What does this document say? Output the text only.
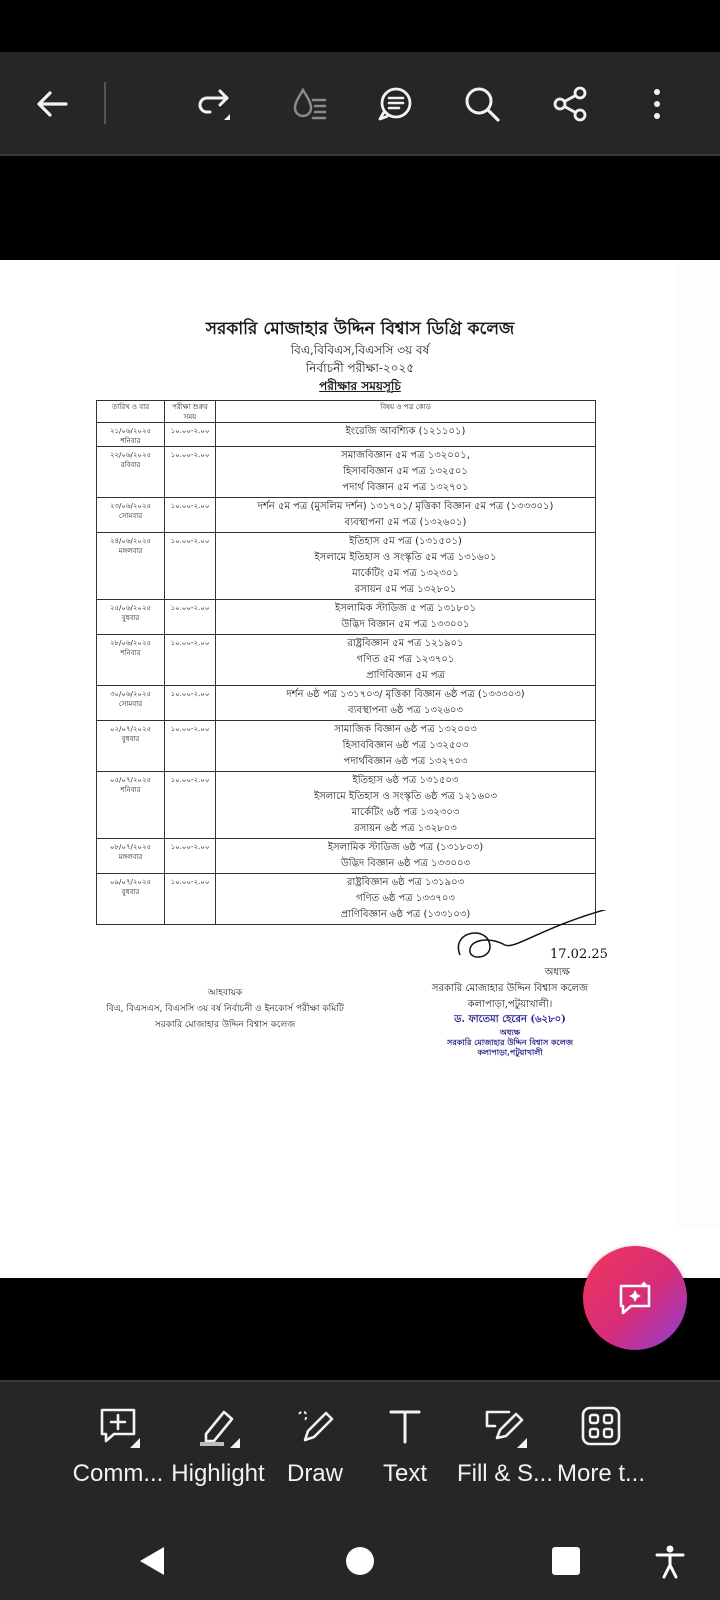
সরকারি মোজাহার উদ্দিন বিশ্বাস ডিগ্রি কলেজ
বিএ,বিবিএস,বিএসসি ৩য় বর্ষ
নির্বাচনী পরীক্ষা-২০২৫
পরীক্ষার সময়সূচি
তারিখ ও বার	পরীক্ষা শুরুর সময়	বিষয় ও পত্র কোড

২১/০৬/২০২৫
শনিবার	১০.০০-২.০০	ইংরেজি আবশ্যিক (১২১১০১)

২২/০৬/২০২৫
রবিবার	১০.০০-২.০০	সমাজবিজ্ঞান ৫ম পত্র ১৩২০০১,
হিসাববিজ্ঞান ৫ম পত্র ১৩২৫০১
পদার্থ বিজ্ঞান ৫ম পত্র ১৩২৭০১

২৩/০৬/২০২৫
সোমবার	১০.০০-২.০০	দর্শন ৫ম পত্র (মুসলিম দর্শন) ১৩১৭০১/ মৃত্তিকা বিজ্ঞান ৫ম পত্র (১৩৩৩০১)
ব্যবস্থাপনা ৫ম পত্র (১৩২৬০১)

২৪/০৬/২০২৫
মঙ্গলবার	১০.০০-২.০০	ইতিহাস ৫ম পত্র (১৩১৫০১)
ইসলামে ইতিহাস ও সংস্কৃতি ৫ম পত্র ১৩১৬০১
মার্কেটিং ৫ম পত্র ১৩২৩০১
রসায়ন ৫ম পত্র ১৩২৮০১

২৫/০৬/২০২৫
বুধবার	১০.০০-২.০০	ইসলামিক স্টাডিজ ৫ পত্র ১৩১৮০১
উদ্ভিদ বিজ্ঞান ৫ম পত্র ১৩৩০০১

২৮/০৬/২০২৫
শনিবার	১০.০০-২.০০	রাষ্ট্রবিজ্ঞান ৫ম পত্র ১২১৯০১
গণিত ৫ম পত্র ১২৩৭০১
প্রাণিবিজ্ঞান ৫ম পত্র

৩০/০৬/২০২৫
সোমবার	১০.০০-২.০০	দর্শন ৬ষ্ঠ পত্র ১৩১৭০৩/ মৃত্তিকা বিজ্ঞান ৬ষ্ঠ পত্র (১৩৩৩০৩)
ব্যবস্থাপনা ৬ষ্ঠ পত্র ১৩২৬০৩

০২/০৭/২০২৫
বুধবার	১০.০০-২.০০	সামাজিক বিজ্ঞান ৬ষ্ঠ পত্র ১৩২০০৩
হিসাববিজ্ঞান ৬ষ্ঠ পত্র ১৩২৫০৩
পদার্থবিজ্ঞান ৬ষ্ঠ পত্র ১৩২৭০৩

০৫/০৭/২০২৫
শনিবার	১০.০০-২.০০	ইতিহাস ৬ষ্ঠ পত্র ১৩১৫০৩
ইসলামে ইতিহাস ও সংস্কৃতি ৬ষ্ঠ পত্র ১২১৬০৩
মার্কেটিং ৬ষ্ঠ পত্র ১৩২৩০৩
রসায়ন ৬ষ্ঠ পত্র ১৩২৮০৩

০৮/০৭/২০২৫
মঙ্গলবার	১০.০০-২.০০	ইসলামিক স্টাডিজ ৬ষ্ঠ পত্র (১৩১৮০৩)
উদ্ভিদ বিজ্ঞান ৬ষ্ঠ পত্র ১৩৩০০৩

০৯/০৭/২০২৫
বুধবার	১০.০০-২.০০	রাষ্ট্রবিজ্ঞান ৬ষ্ঠ পত্র ১৩১৯০৩
গণিত ৬ষ্ঠ পত্র ১৩৩৭০৩
প্রাণিবিজ্ঞান ৬ষ্ঠ পত্র (১৩৩১০৩)
আহবায়ক
বিএ, বিএসএস, বিএসসি ৩য় বর্ষ নির্বাচনী ও ইনকোর্স পরীক্ষা কমিটি
সরকারি মোজাহার উদ্দিন বিশ্বাস কলেজ
17.02.25
অধ্যক্ষ
সরকারি মোজাহার উদ্দিন বিশ্বাস কলেজ
কলাপাড়া,পটুয়াখালী।
ড. ফাতেমা হেরেন (৬২৮০)
অধ্যক্ষ
সরকারি মোজাহার উদ্দিন বিশ্বাস কলেজ
কলাপাড়া,পটুয়াখালী
Comm... Highlight Draw	Text	Fill & S... More t...
